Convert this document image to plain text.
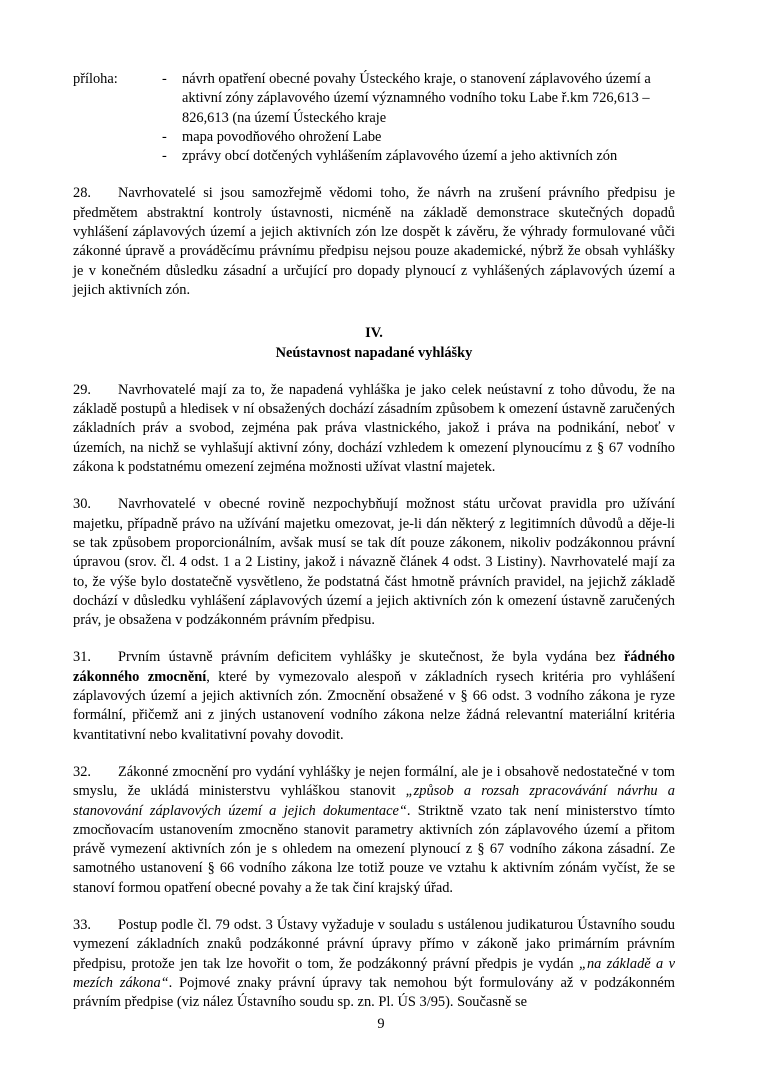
příloha:	-	návrh opatření obecné povahy Ústeckého kraje, o stanovení záplavového území a aktivní zóny záplavového území významného vodního toku Labe ř.km 726,613 – 826,613 (na území Ústeckého kraje
-	mapa povodňového ohrožení Labe
-	zprávy obcí dotčených vyhlášením záplavového území a jeho aktivních zón

28. Navrhovatelé si jsou samozřejmě vědomi toho, že návrh na zrušení právního předpisu je předmětem abstraktní kontroly ústavnosti, nicméně na základě demonstrace skutečných dopadů vyhlášení záplavových území a jejich aktivních zón lze dospět k závěru, že výhrady formulované vůči zákonné úpravě a prováděcímu právnímu předpisu nejsou pouze akademické, nýbrž že obsah vyhlášky je v konečném důsledku zásadní a určující pro dopady plynoucí z vyhlášených záplavových území a jejich aktivních zón.

IV.
Neústavnost napadané vyhlášky

29. Navrhovatelé mají za to, že napadená vyhláška je jako celek neústavní z toho důvodu, že na základě postupů a hledisek v ní obsažených dochází zásadním způsobem k omezení ústavně zaručených základních práv a svobod, zejména pak práva vlastnického, jakož i práva na podnikání, neboť v územích, na nichž se vyhlašují aktivní zóny, dochází vzhledem k omezení plynoucímu z § 67 vodního zákona k podstatnému omezení zejména možnosti užívat vlastní majetek.

30. Navrhovatelé v obecné rovině nezpochybňují možnost státu určovat pravidla pro užívání majetku, případně právo na užívání majetku omezovat, je-li dán některý z legitimních důvodů a děje-li se tak způsobem proporcionálním, avšak musí se tak dít pouze zákonem, nikoliv podzákonnou právní úpravou (srov. čl. 4 odst. 1 a 2 Listiny, jakož i návazně článek 4 odst. 3 Listiny). Navrhovatelé mají za to, že výše bylo dostatečně vysvětleno, že podstatná část hmotně právních pravidel, na jejichž základě dochází v důsledku vyhlášení záplavových území a jejich aktivních zón k omezení ústavně zaručených práv, je obsažena v podzákonném právním předpisu.

31. Prvním ústavně právním deficitem vyhlášky je skutečnost, že byla vydána bez řádného zákonného zmocnění, které by vymezovalo alespoň v základních rysech kritéria pro vyhlášení záplavových území a jejich aktivních zón. Zmocnění obsažené v § 66 odst. 3 vodního zákona je ryze formální, přičemž ani z jiných ustanovení vodního zákona nelze žádná relevantní materiální kritéria kvantitativní nebo kvalitativní povahy dovodit.

32. Zákonné zmocnění pro vydání vyhlášky je nejen formální, ale je i obsahově nedostatečné v tom smyslu, že ukládá ministerstvu vyhláškou stanovit „způsob a rozsah zpracovávání návrhu a stanovování záplavových území a jejich dokumentace“. Striktně vzato tak není ministerstvo tímto zmocňovacím ustanovením zmocněno stanovit parametry aktivních zón záplavového území a přitom právě vymezení aktivních zón je s ohledem na omezení plynoucí z § 67 vodního zákona zásadní. Ze samotného ustanovení § 66 vodního zákona lze totiž pouze ve vztahu k aktivním zónám vyčíst, že se stanoví formou opatření obecné povahy a že tak činí krajský úřad.

33. Postup podle čl. 79 odst. 3 Ústavy vyžaduje v souladu s ustálenou judikaturou Ústavního soudu vymezení základních znaků podzákonné právní úpravy přímo v zákoně jako primárním právním předpisu, protože jen tak lze hovořit o tom, že podzákonný právní předpis je vydán „na základě a v mezích zákona“. Pojmové znaky právní úpravy tak nemohou být formulovány až v podzákonném právním předpise (viz nález Ústavního soudu sp. zn. Pl. ÚS 3/95). Současně se

9
